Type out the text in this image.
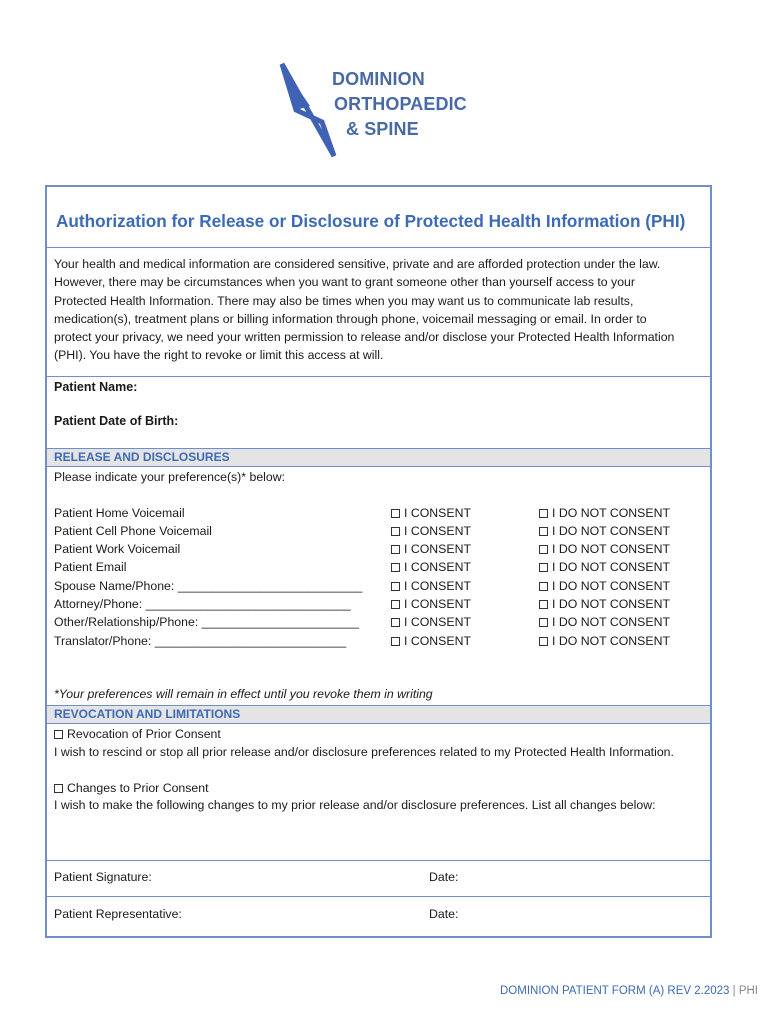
DOMINION
ORTHOPAEDIC
& SPINE
Authorization for Release or Disclosure of Protected Health Information (PHI)
Your health and medical information are considered sensitive, private and are afforded protection under the law.
However, there may be circumstances when you want to grant someone other than yourself access to your
Protected Health Information. There may also be times when you may want us to communicate lab results,
medication(s), treatment plans or billing information through phone, voicemail messaging or email. In order to
protect your privacy, we need your written permission to release and/or disclose your Protected Health Information
(PHI). You have the right to revoke or limit this access at will.
Patient Name:
Patient Date of Birth:
RELEASE AND DISCLOSURES
Please indicate your preference(s)* below:
Patient Home Voicemail	I CONSENT	I DO NOT CONSENT
Patient Cell Phone Voicemail	I CONSENT	I DO NOT CONSENT
Patient Work Voicemail	I CONSENT	I DO NOT CONSENT
Patient Email	I CONSENT	I DO NOT CONSENT
Spouse Name/Phone: ___________________________	I CONSENT	I DO NOT CONSENT
Attorney/Phone: ______________________________	I CONSENT	I DO NOT CONSENT
Other/Relationship/Phone: _______________________	I CONSENT	I DO NOT CONSENT
Translator/Phone: ____________________________	I CONSENT	I DO NOT CONSENT
*Your preferences will remain in effect until you revoke them in writing
REVOCATION AND LIMITATIONS
Revocation of Prior Consent
I wish to rescind or stop all prior release and/or disclosure preferences related to my Protected Health Information.
Changes to Prior Consent
I wish to make the following changes to my prior release and/or disclosure preferences. List all changes below:
Patient Signature:	Date:
Patient Representative:	Date:
DOMINION PATIENT FORM (A) REV 2.2023 | PHI
